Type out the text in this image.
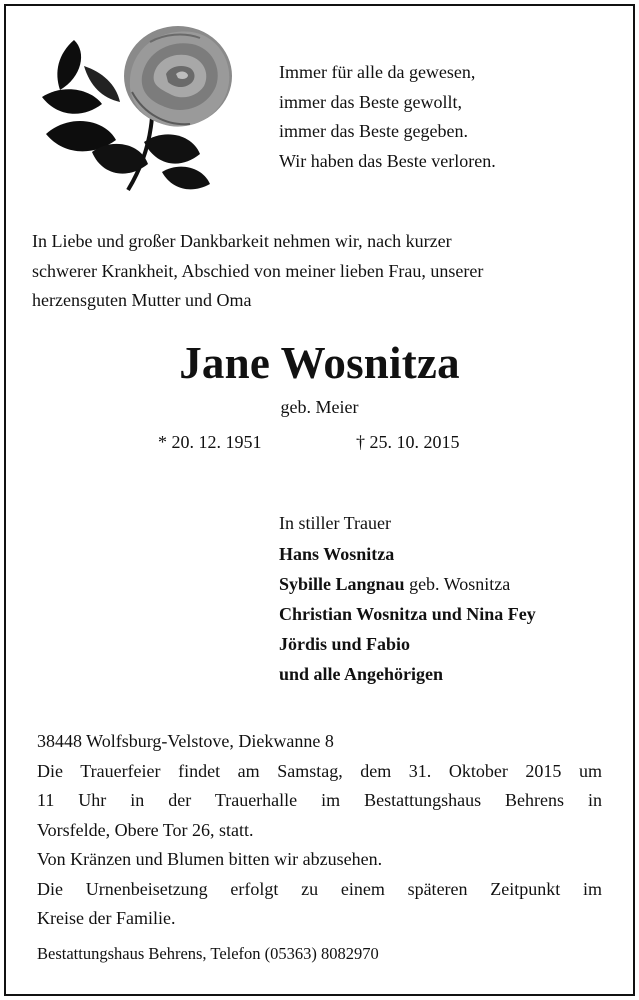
Immer für alle da gewesen,
immer das Beste gewollt,
immer das Beste gegeben.
Wir haben das Beste verloren.
In Liebe und großer Dankbarkeit nehmen wir, nach kurzer
schwerer Krankheit, Abschied von meiner lieben Frau, unserer
herzensguten Mutter und Oma
Jane Wosnitza
geb. Meier
* 20. 12. 1951	† 25. 10. 2015
In stiller Trauer
Hans Wosnitza
Sybille Langnau geb. Wosnitza
Christian Wosnitza und Nina Fey
Jördis und Fabio
und alle Angehörigen
38448 Wolfsburg-Velstove, Diekwanne 8
Die Trauerfeier findet am Samstag, dem 31. Oktober 2015 um
11 Uhr in der Trauerhalle im Bestattungshaus Behrens in
Vorsfelde, Obere Tor 26, statt.
Von Kränzen und Blumen bitten wir abzusehen.
Die Urnenbeisetzung erfolgt zu einem späteren Zeitpunkt im
Kreise der Familie.
Bestattungshaus Behrens, Telefon (05363) 8082970
